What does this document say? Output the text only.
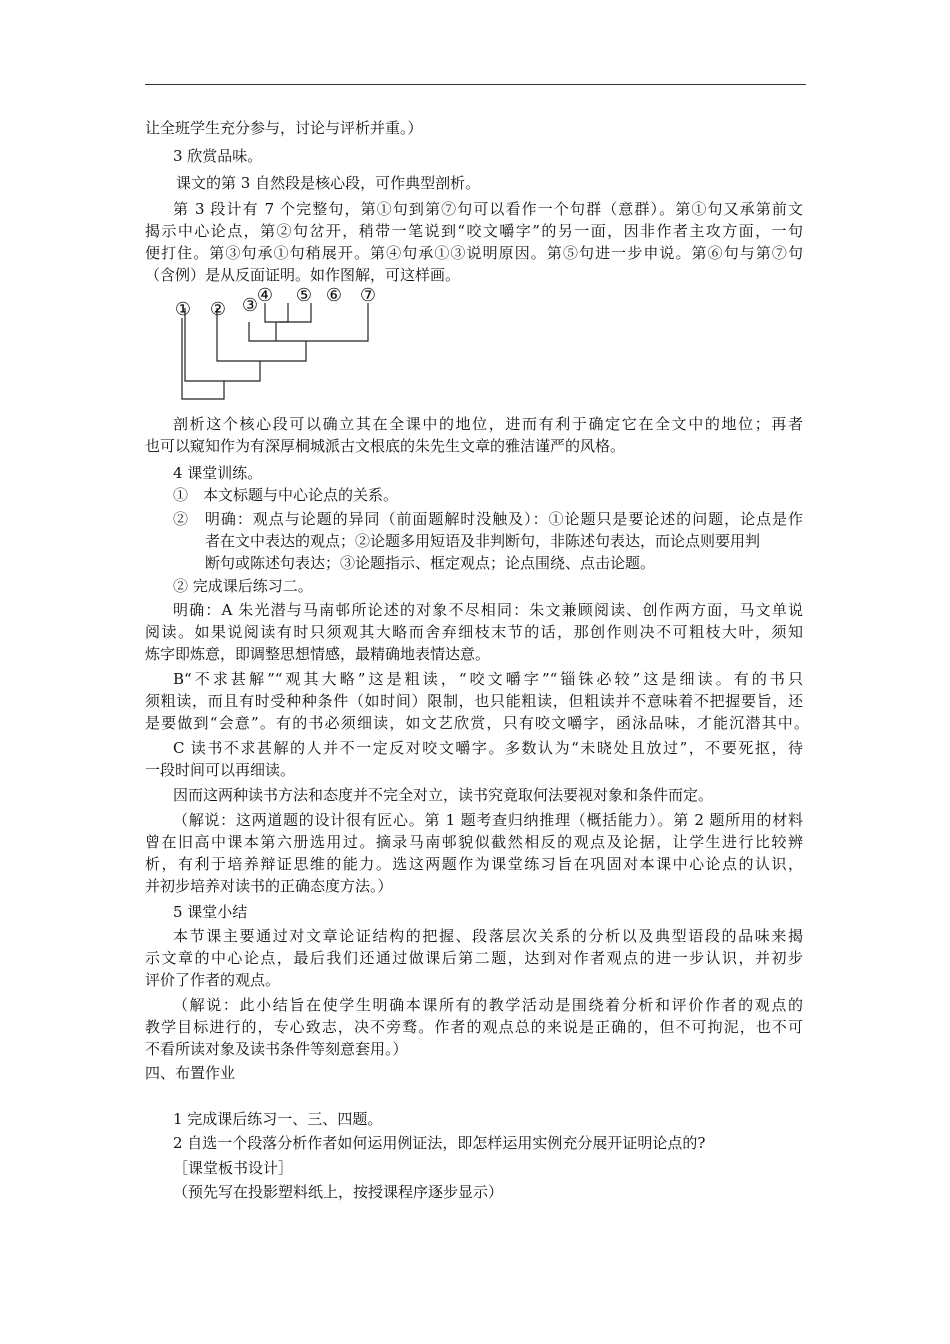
让全班学生充分参与，讨论与评析并重。）
3 欣赏品味。
课文的第 3 自然段是核心段，可作典型剖析。
第 3 段计有 7 个完整句，第①句到第⑦句可以看作一个句群（意群）。第①句又承第前文
揭示中心论点，第②句岔开，稍带一笔说到“咬文嚼字”的另一面，因非作者主攻方面，一句
便打住。第③句承①句稍展开。第④句承①③说明原因。第⑤句进一步申说。第⑥句与第⑦句
（含例）是从反面证明。如作图解，可这样画。
① ② ③
④ ⑤ ⑥ ⑦
剖析这个核心段可以确立其在全课中的地位，进而有利于确定它在全文中的地位；再者
也可以窥知作为有深厚桐城派古文根底的朱先生文章的雅洁谨严的风格。
4 课堂训练。
①　本文标题与中心论点的关系。
②　明确：观点与论题的异同（前面题解时没触及）：①论题只是要论述的问题，论点是作
者在文中表达的观点；②论题多用短语及非判断句，非陈述句表达，而论点则要用判
断句或陈述句表达；③论题指示、框定观点；论点围绕、点击论题。
② 完成课后练习二。
明确：A 朱光潜与马南邨所论述的对象不尽相同：朱文兼顾阅读、创作两方面，马文单说
阅读。如果说阅读有时只须观其大略而舍弃细枝末节的话，那创作则决不可粗枝大叶，须知
炼字即炼意，即调整思想情感，最精确地表情达意。
B“不求甚解”“观其大略”这是粗读，“咬文嚼字”“锱铢必较”这是细读。有的书只
须粗读，而且有时受种种条件（如时间）限制，也只能粗读，但粗读并不意味着不把握要旨，还
是要做到“会意”。有的书必须细读，如文艺欣赏，只有咬文嚼字，函泳品味，才能沉潜其中。
C 读书不求甚解的人并不一定反对咬文嚼字。多数认为“未晓处且放过”，不要死抠，待
一段时间可以再细读。
因而这两种读书方法和态度并不完全对立，读书究竟取何法要视对象和条件而定。
（解说：这两道题的设计很有匠心。第 1 题考查归纳推理（概括能力）。第 2 题所用的材料
曾在旧高中课本第六册选用过。摘录马南邨貌似截然相反的观点及论据，让学生进行比较辨
析，有利于培养辩证思维的能力。选这两题作为课堂练习旨在巩固对本课中心论点的认识，
并初步培养对读书的正确态度方法。）
5 课堂小结
本节课主要通过对文章论证结构的把握、段落层次关系的分析以及典型语段的品味来揭
示文章的中心论点，最后我们还通过做课后第二题，达到对作者观点的进一步认识，并初步
评价了作者的观点。
（解说：此小结旨在使学生明确本课所有的教学活动是围绕着分析和评价作者的观点的
教学目标进行的，专心致志，决不旁骛。作者的观点总的来说是正确的，但不可拘泥，也不可
不看所读对象及读书条件等刻意套用。）
四、布置作业
1 完成课后练习一、三、四题。
2 自选一个段落分析作者如何运用例证法，即怎样运用实例充分展开证明论点的?
［课堂板书设计］
（预先写在投影塑料纸上，按授课程序逐步显示）
